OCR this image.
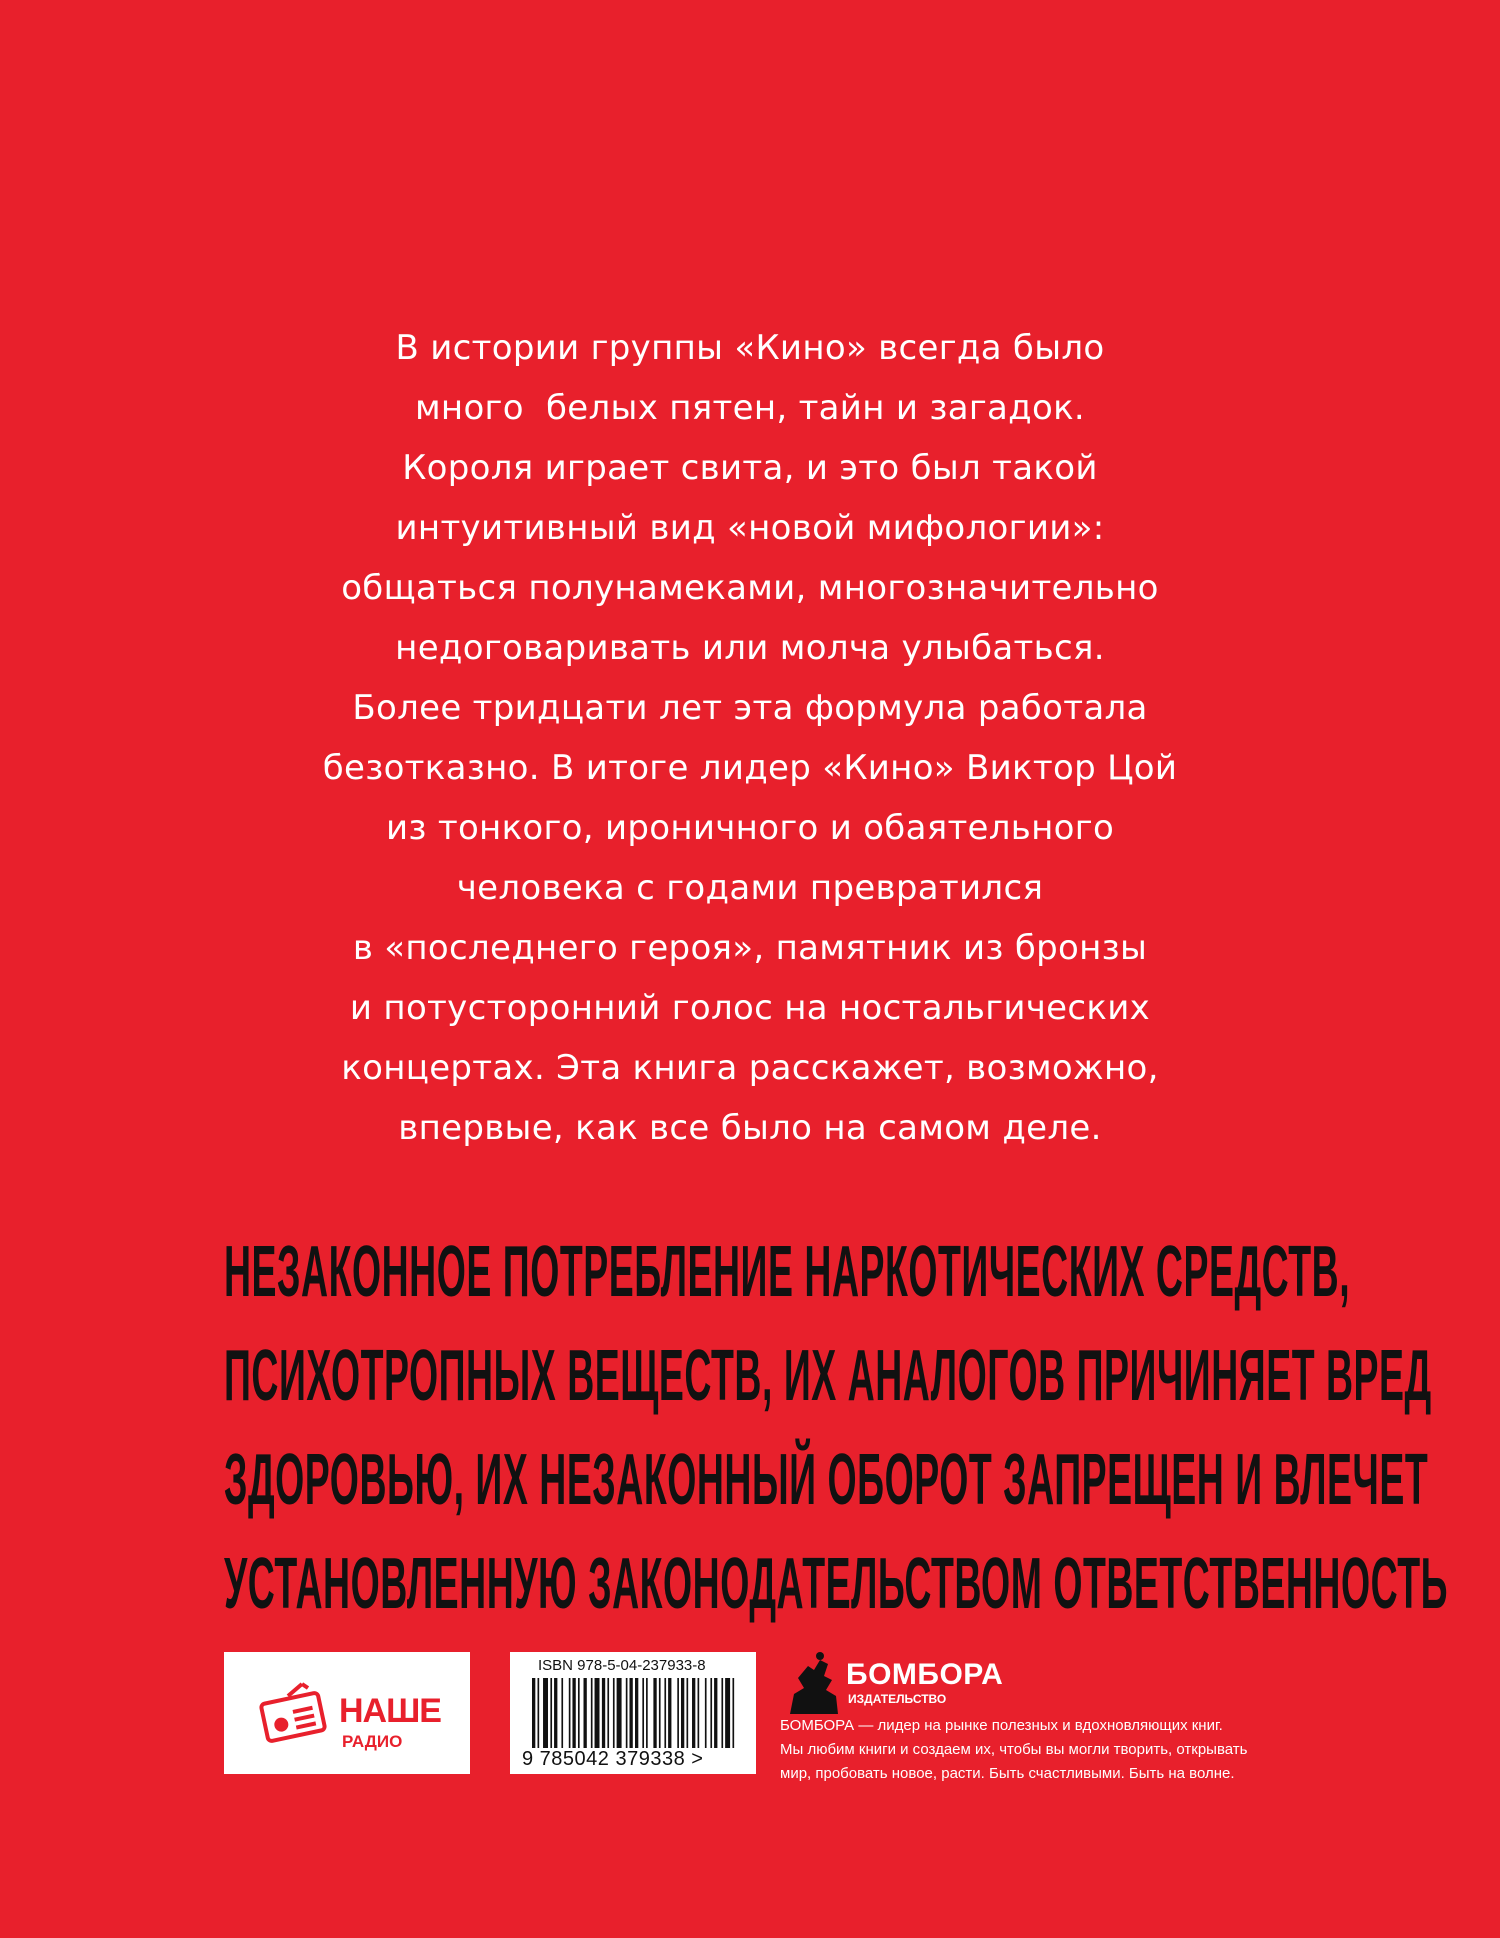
В истории группы «Кино» всегда было
много  белых пятен, тайн и загадок.
Короля играет свита, и это был такой
интуитивный вид «новой мифологии»:
общаться полунамеками, многозначительно
недоговаривать или молча улыбаться.
Более тридцати лет эта формула работала
безотказно. В итоге лидер «Кино» Виктор Цой
из тонкого, ироничного и обаятельного
человека с годами превратился
в «последнего героя», памятник из бронзы
и потусторонний голос на ностальгических
концертах. Эта книга расскажет, возможно,
впервые, как все было на самом деле.
НЕЗАКОННОЕ ПОТРЕБЛЕНИЕ НАРКОТИЧЕСКИХ СРЕДСТВ,
ПСИХОТРОПНЫХ ВЕЩЕСТВ, ИХ АНАЛОГОВ ПРИЧИНЯЕТ ВРЕД
ЗДОРОВЬЮ, ИХ НЕЗАКОННЫЙ ОБОРОТ ЗАПРЕЩЕН И ВЛЕЧЕТ
УСТАНОВЛЕННУЮ ЗАКОНОДАТЕЛЬСТВОМ ОТВЕТСТВЕННОСТЬ
НАШЕ
РАДИО
ISBN 978-5-04-237933-8
9 785042 379338 >
БОМБОРА
ИЗДАТЕЛЬСТВО
БОМБОРА — лидер на рынке полезных и вдохновляющих книг.
Мы любим книги и создаем их, чтобы вы могли творить, открывать
мир, пробовать новое, расти. Быть счастливыми. Быть на волне.
